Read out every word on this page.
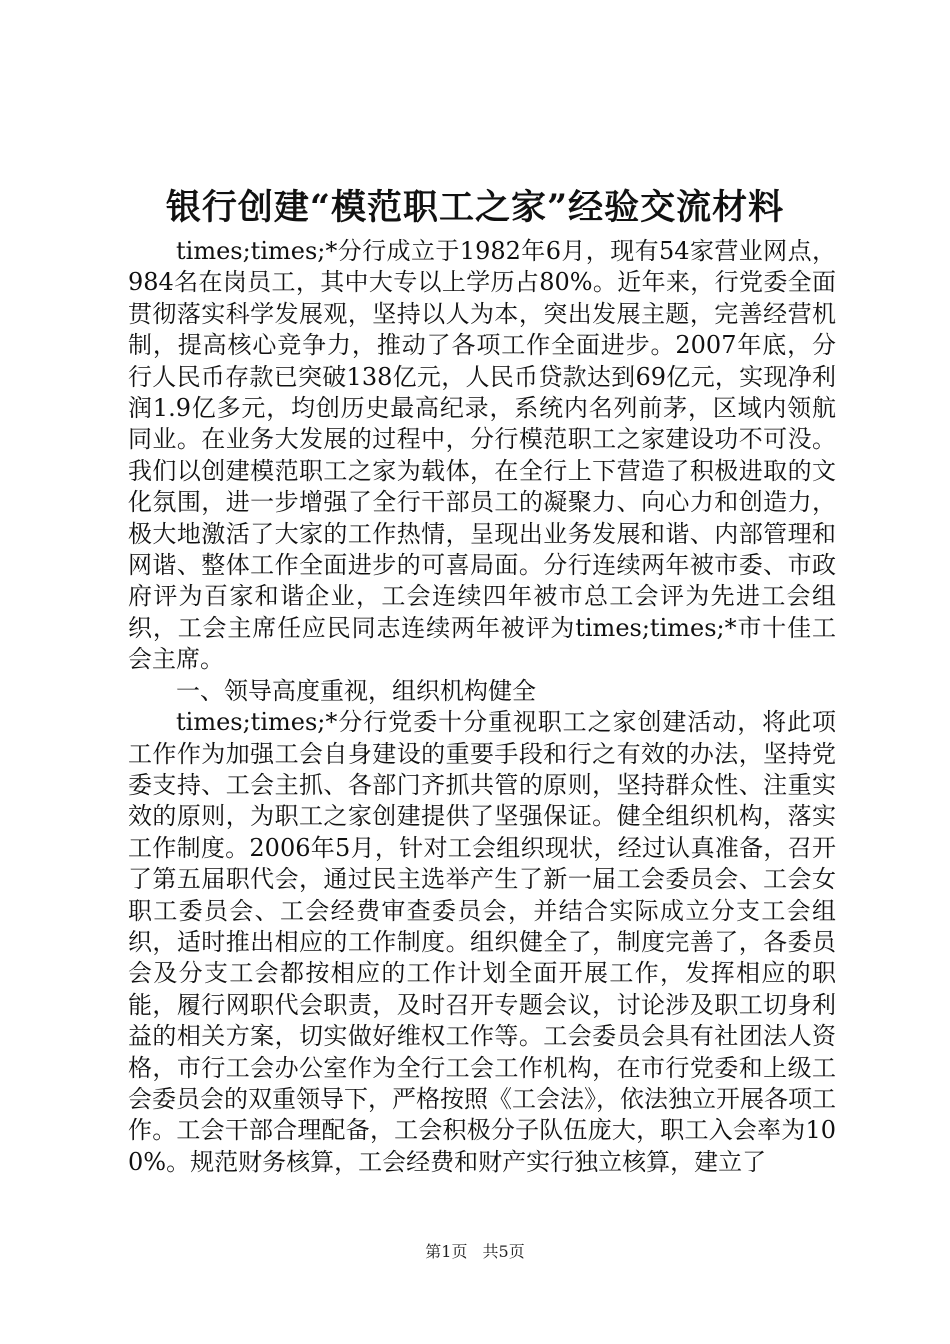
银行创建“模范职工之家”经验交流材料

times;times;*分行成立于1982年6月，现有54家营业网点，984名在岗员工，其中大专以上学历占80%。近年来，行党委全面贯彻落实科学发展观，坚持以人为本，突出发展主题，完善经营机制，提高核心竞争力，推动了各项工作全面进步。2007年底，分行人民币存款已突破138亿元，人民币贷款达到69亿元，实现净利润1.9亿多元，均创历史最高纪录，系统内名列前茅，区域内领航同业。在业务大发展的过程中，分行模范职工之家建设功不可没。我们以创建模范职工之家为载体，在全行上下营造了积极进取的文化氛围，进一步增强了全行干部员工的凝聚力、向心力和创造力，极大地激活了大家的工作热情，呈现出业务发展和谐、内部管理和网谐、整体工作全面进步的可喜局面。分行连续两年被市委、市政府评为百家和谐企业，工会连续四年被市总工会评为先进工会组织，工会主席任应民同志连续两年被评为times;times;*市十佳工会主席。

一、领导高度重视，组织机构健全

times;times;*分行党委十分重视职工之家创建活动，将此项工作作为加强工会自身建设的重要手段和行之有效的办法，坚持党委支持、工会主抓、各部门齐抓共管的原则，坚持群众性、注重实效的原则，为职工之家创建提供了坚强保证。健全组织机构，落实工作制度。2006年5月，针对工会组织现状，经过认真准备，召开了第五届职代会，通过民主选举产生了新一届工会委员会、工会女职工委员会、工会经费审查委员会，并结合实际成立分支工会组织，适时推出相应的工作制度。组织健全了，制度完善了，各委员会及分支工会都按相应的工作计划全面开展工作，发挥相应的职能，履行网职代会职责，及时召开专题会议，讨论涉及职工切身利益的相关方案，切实做好维权工作等。工会委员会具有社团法人资格，市行工会办公室作为全行工会工作机构，在市行党委和上级工会委员会的双重领导下，严格按照《工会法》，依法独立开展各项工作。工会干部合理配备，工会积极分子队伍庞大，职工入会率为100%。规范财务核算，工会经费和财产实行独立核算，建立了

第1页 共5页
